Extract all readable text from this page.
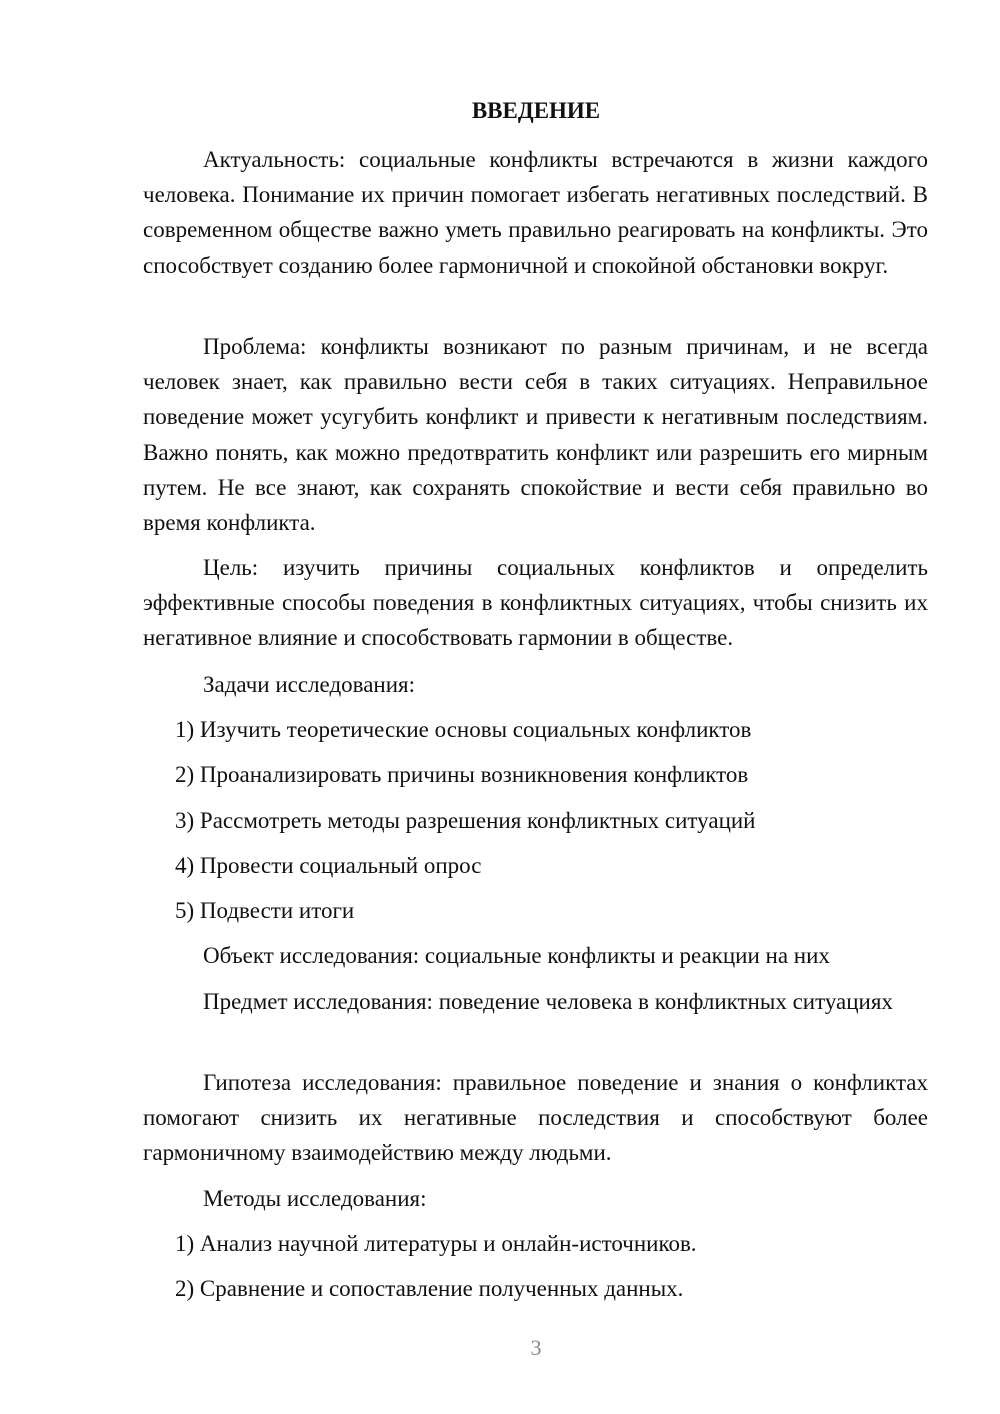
ВВЕДЕНИЕ
Актуальность: социальные конфликты встречаются в жизни каждого человека. Понимание их причин помогает избегать негативных последствий. В современном обществе важно уметь правильно реагировать на конфликты. Это способствует созданию более гармоничной и спокойной обстановки вокруг.
Проблема: конфликты возникают по разным причинам, и не всегда человек знает, как правильно вести себя в таких ситуациях. Неправильное поведение может усугубить конфликт и привести к негативным последствиям. Важно понять, как можно предотвратить конфликт или разрешить его мирным путем. Не все знают, как сохранять спокойствие и вести себя правильно во время конфликта.
Цель: изучить причины социальных конфликтов и определить эффективные способы поведения в конфликтных ситуациях, чтобы снизить их негативное влияние и способствовать гармонии в обществе.
Задачи исследования:
1) Изучить теоретические основы социальных конфликтов
2) Проанализировать причины возникновения конфликтов
3) Рассмотреть методы разрешения конфликтных ситуаций
4) Провести социальный опрос
5) Подвести итоги
Объект исследования: социальные конфликты и реакции на них
Предмет исследования: поведение человека в конфликтных ситуациях
Гипотеза исследования: правильное поведение и знания о конфликтах помогают снизить их негативные последствия и способствуют более гармоничному взаимодействию между людьми.
Методы исследования:
1) Анализ научной литературы и онлайн-источников.
2) Сравнение и сопоставление полученных данных.
3
